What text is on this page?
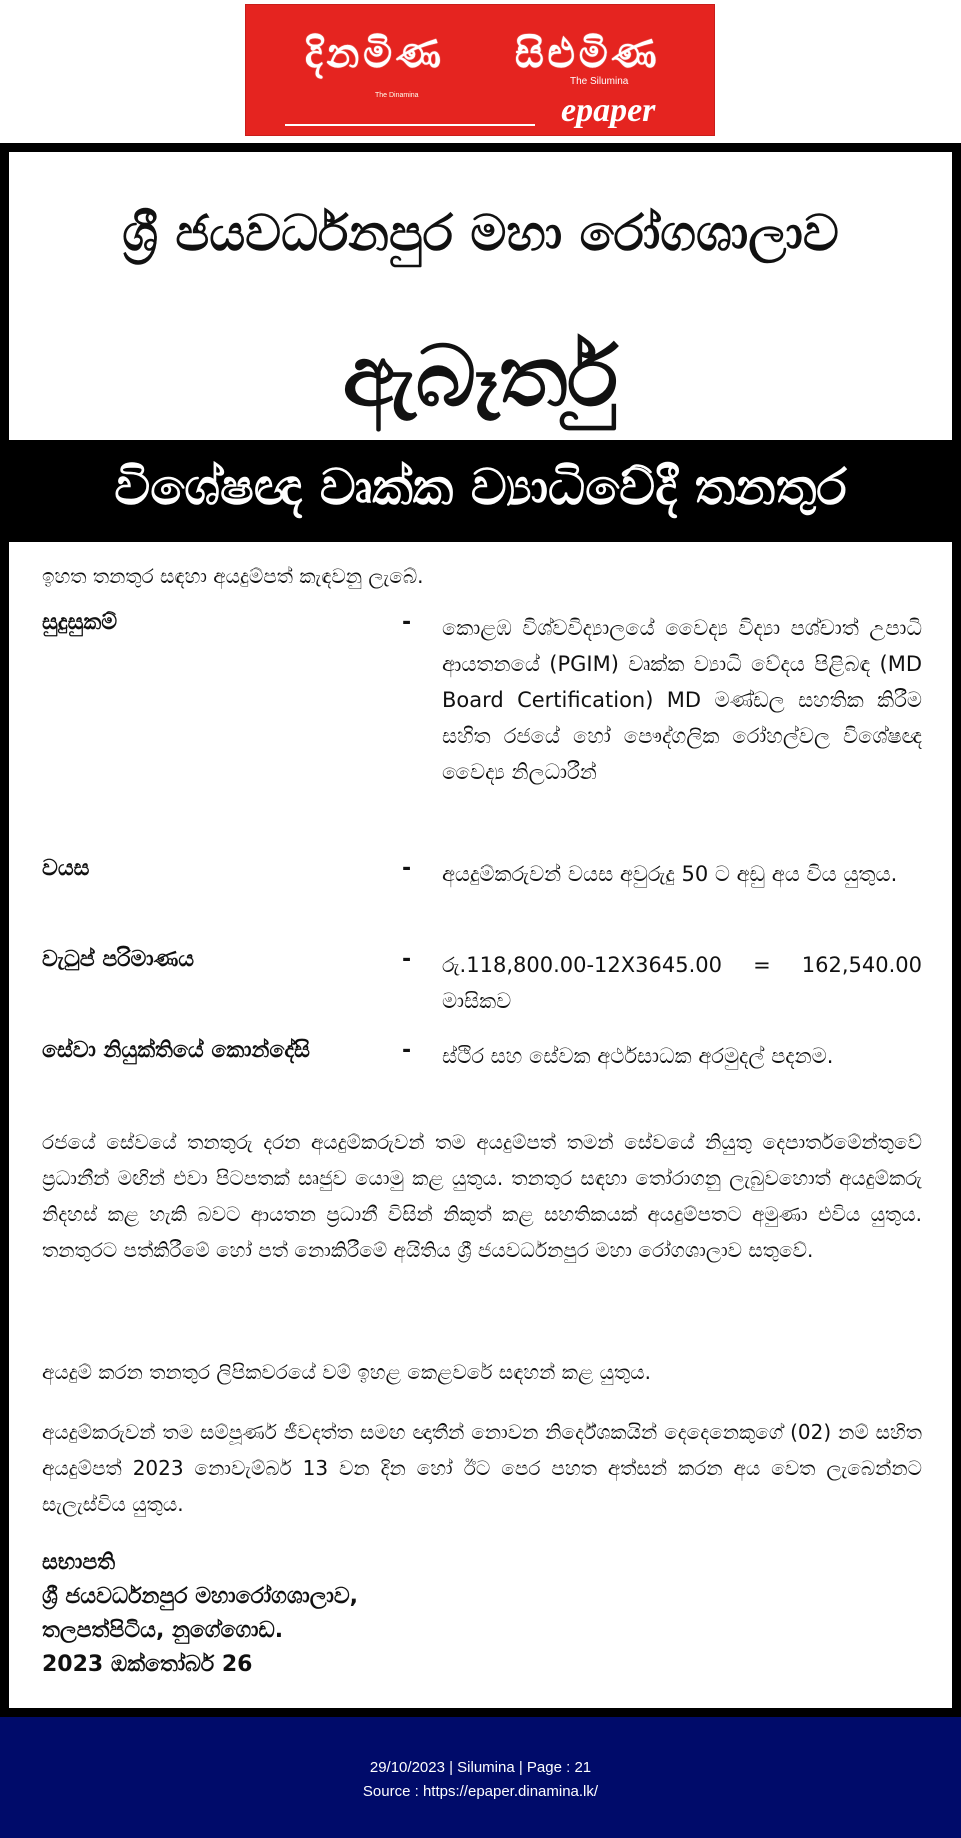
දිනමිණ
The Dinamina
සිළුමිණ
The Silumina
epaper
ශ්‍රී ජයවර්ධනපුර මහා රෝගශාලාව
ඇබෑර්තු
විශේෂඥ වෘක්ක ව්‍යාධිවේදී තනතුර
ඉහත තනතුර සඳහා අයදුම්පත් කැඳවනු ලැබේ.
සුදුසුකම්	- කොළඹ විශ්වවිද්‍යාලයේ වෛද්‍ය විද්‍යා පශ්චාත් උපාධි ආයතනයේ (PGIM) වෘක්ක ව්‍යාධි වේදය පිළිබඳ (MD Board Certification) MD මණ්ඩල සහතික කිරීම සහිත රජයේ හෝ පෞද්ගලික රෝහල්වල විශේෂඥ වෛද්‍ය නිලධාරීන්
වයස	- අයදුම්කරුවන් වයස අවුරුදු 50 ට අඩු අය විය යුතුය.
වැටුප් පරිමාණය	- රු.118,800.00-12X3645.00 = 162,540.00 මාසිකව
සේවා නියුක්තියේ කොන්දේසි	- ස්ථිර සහ සේවක අර්ථසාධක අරමුදල් පදනම.
රජයේ සේවයේ තනතුරු දරන අයදුම්කරුවන් තම අයදුම්පත් තමන් සේවයේ නියුතු දෙපාර්තමේන්තුවේ ප්‍රධානීන් මඟින් එවා පිටපතක් සෘජුව යොමු කළ යුතුය. තනතුර සඳහා තෝරාගනු ලැබුවහොත් අයදුම්කරු නිදහස් කළ හැකි බවට ආයතන ප්‍රධානී විසින් නිකුත් කළ සහතිකයක් අයදුම්පතට අමුණා එවිය යුතුය. තනතුරට පත්කිරීමේ හෝ පත් නොකිරීමේ අයිතිය ශ්‍රී ජයවර්ධනපුර මහා රෝගශාලාව සතුවේ.
අයදුම් කරන තනතුර ලිපිකවරයේ වම් ඉහළ කෙළවරේ සඳහන් කළ යුතුය.
අයදුම්කරුවන් තම සම්පූර්ණ ජීවදත්ත සමඟ ඥාතීන් නොවන නිර්දේශකයින් දෙදෙනෙකුගේ (02) නම් සහිත අයදුම්පත් 2023 නොවැම්බර් 13 වන දින හෝ ඊට පෙර පහත අත්සන් කරන අය වෙත ලැබෙන්නට සැලැස්විය යුතුය.
සභාපති
ශ්‍රී ජයවර්ධනපුර මහාරෝගශාලාව,
තලපත්පිටිය, නුගේගොඩ.
2023 ඔක්තෝබර් 26
29/10/2023 | Silumina | Page : 21
Source : https://epaper.dinamina.lk/
